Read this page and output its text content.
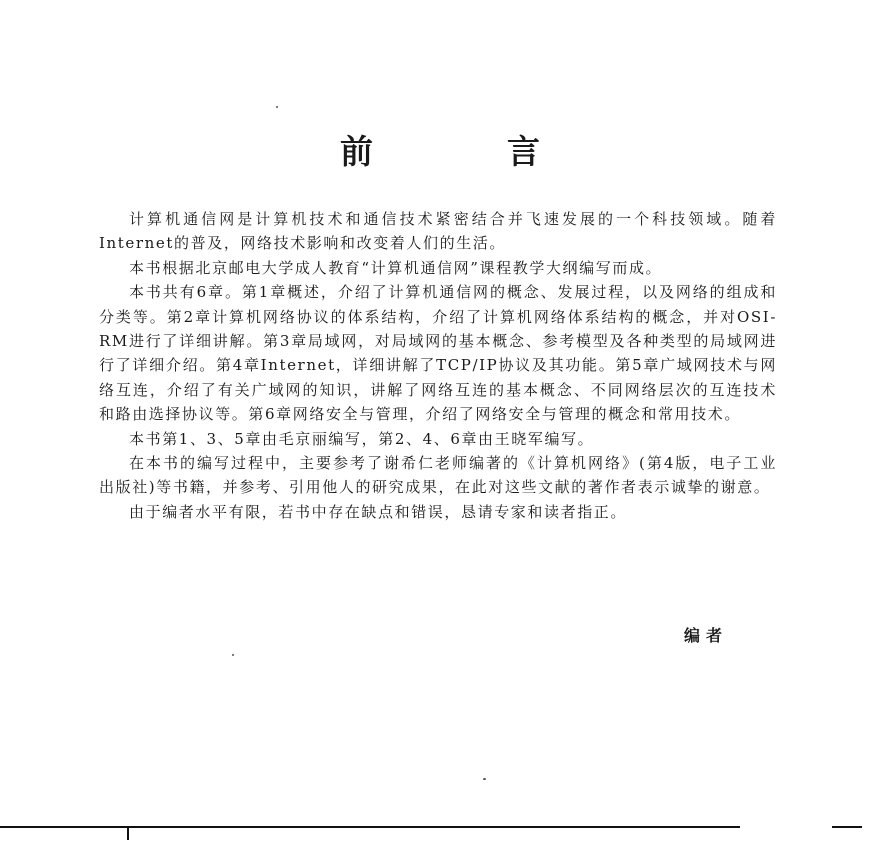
前	言

计算机通信网是计算机技术和通信技术紧密结合并飞速发展的一个科技领域。随着Internet的普及，网络技术影响和改变着人们的生活。

本书根据北京邮电大学成人教育“计算机通信网”课程教学大纲编写而成。

本书共有6章。第1章概述，介绍了计算机通信网的概念、发展过程，以及网络的组成和分类等。第2章计算机网络协议的体系结构，介绍了计算机网络体系结构的概念，并对OSI-RM进行了详细讲解。第3章局域网，对局域网的基本概念、参考模型及各种类型的局域网进行了详细介绍。第4章Internet，详细讲解了TCP/IP协议及其功能。第5章广域网技术与网络互连，介绍了有关广域网的知识，讲解了网络互连的基本概念、不同网络层次的互连技术和路由选择协议等。第6章网络安全与管理，介绍了网络安全与管理的概念和常用技术。

本书第1、3、5章由毛京丽编写，第2、4、6章由王晓军编写。

在本书的编写过程中，主要参考了谢希仁老师编著的《计算机网络》(第4版，电子工业出版社)等书籍，并参考、引用他人的研究成果，在此对这些文献的著作者表示诚挚的谢意。

由于编者水平有限，若书中存在缺点和错误，恳请专家和读者指正。

编者
